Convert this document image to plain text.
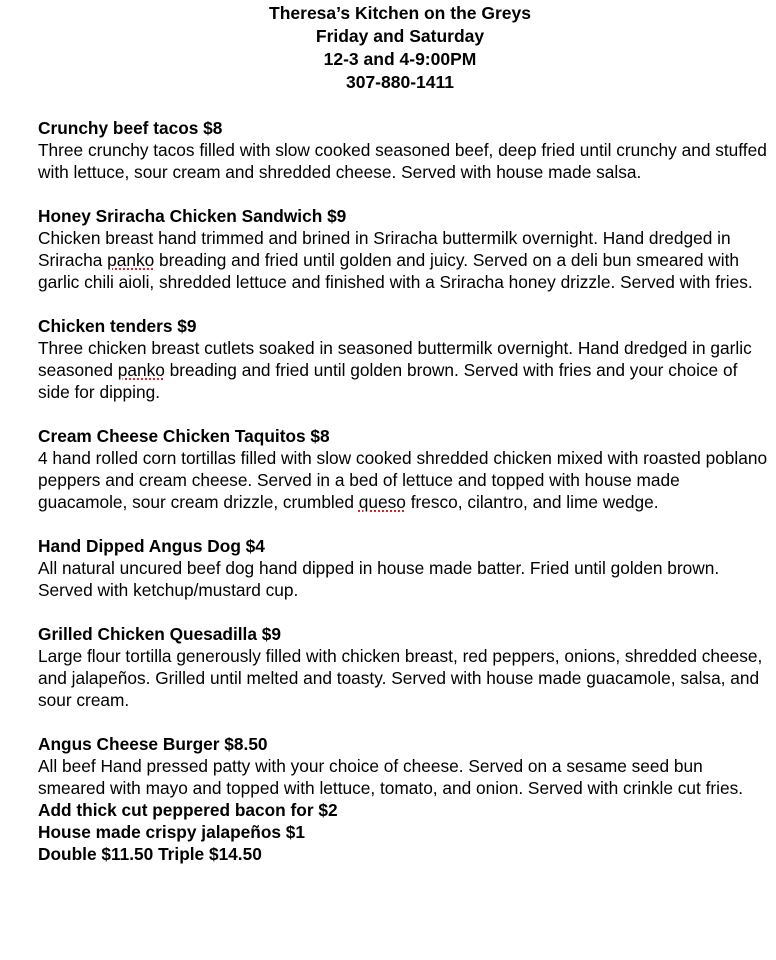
Theresa’s Kitchen on the Greys
Friday and Saturday
12-3 and 4-9:00PM
307-880-1411
Crunchy beef tacos $8
Three crunchy tacos filled with slow cooked seasoned beef, deep fried until crunchy and stuffed with lettuce, sour cream and shredded cheese. Served with house made salsa.
Honey Sriracha Chicken Sandwich $9
Chicken breast hand trimmed and brined in Sriracha buttermilk overnight. Hand dredged in Sriracha panko breading and fried until golden and juicy. Served on a deli bun smeared with garlic chili aioli, shredded lettuce and finished with a Sriracha honey drizzle. Served with fries.
Chicken tenders $9
Three chicken breast cutlets soaked in seasoned buttermilk overnight. Hand dredged in garlic seasoned panko breading and fried until golden brown. Served with fries and your choice of side for dipping.
Cream Cheese Chicken Taquitos $8
4 hand rolled corn tortillas filled with slow cooked shredded chicken mixed with roasted poblano peppers and cream cheese. Served in a bed of lettuce and topped with house made guacamole, sour cream drizzle, crumbled queso fresco, cilantro, and lime wedge.
Hand Dipped Angus Dog $4
All natural uncured beef dog hand dipped in house made batter. Fried until golden brown. Served with ketchup/mustard cup.
Grilled Chicken Quesadilla $9
Large flour tortilla generously filled with chicken breast, red peppers, onions, shredded cheese, and jalapeños. Grilled until melted and toasty. Served with house made guacamole, salsa, and sour cream.
Angus Cheese Burger $8.50
All beef Hand pressed patty with your choice of cheese. Served on a sesame seed bun smeared with mayo and topped with lettuce, tomato, and onion. Served with crinkle cut fries.
Add thick cut peppered bacon for $2
House made crispy jalapeños $1
Double $11.50 Triple $14.50
